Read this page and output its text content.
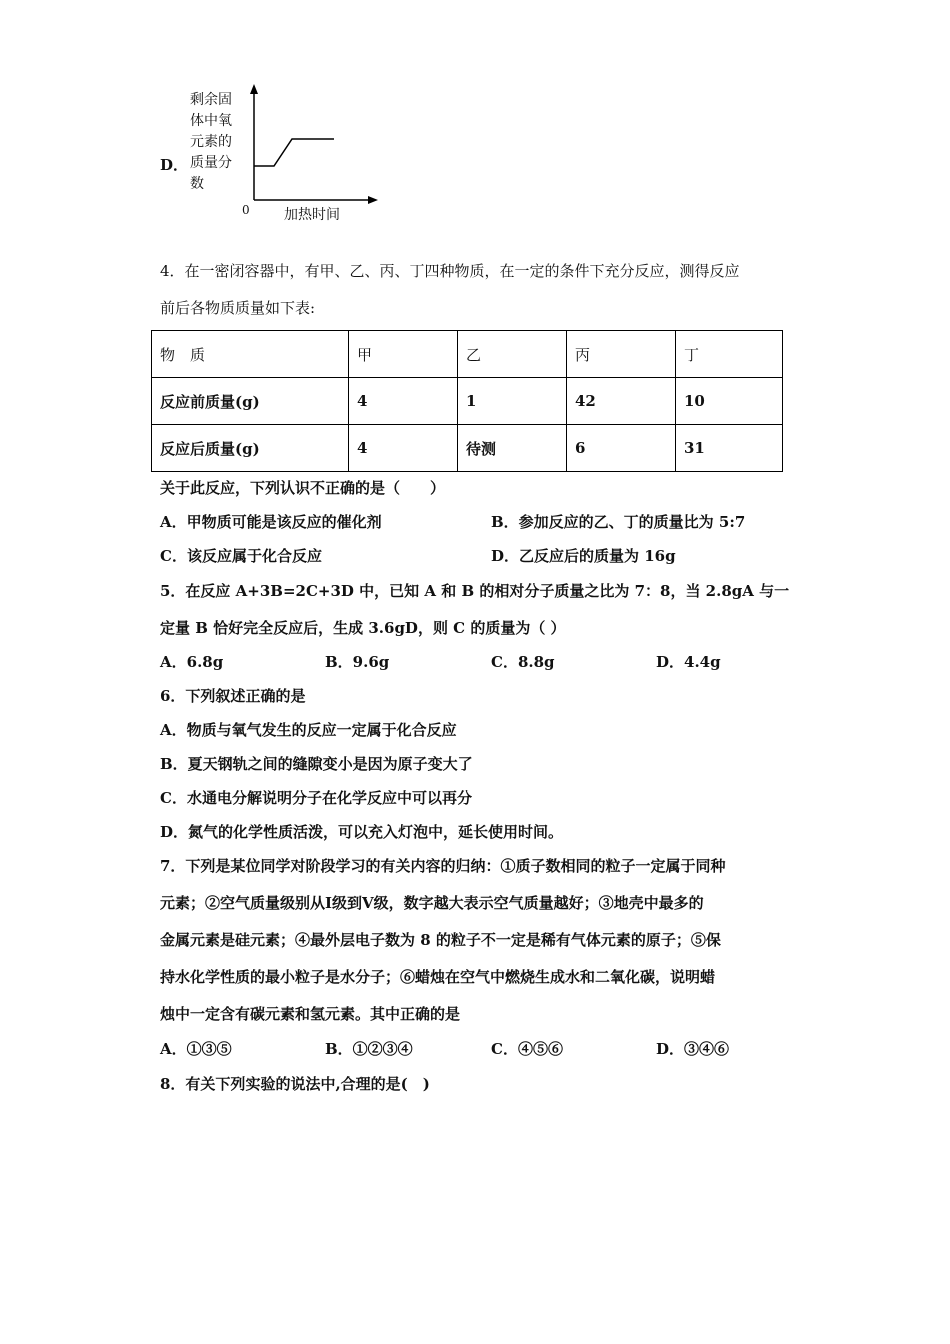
D．
剩余固
体中氧
元素的
质量分
数
0 加热时间
4．在一密闭容器中，有甲、乙、丙、丁四种物质，在一定的条件下充分反应，测得反应
前后各物质质量如下表:
物　质	甲	乙	丙	丁
反应前质量(g)	4	1	42	10
反应后质量(g)	4	待测	6	31
关于此反应，下列认识不正确的是（　　）
A．甲物质可能是该反应的催化剂	B．参加反应的乙、丁的质量比为 5:7
C．该反应属于化合反应	D．乙反应后的质量为 16g
5．在反应 A+3B=2C+3D 中，已知 A 和 B 的相对分子质量之比为 7：8，当 2.8gA 与一
定量 B 恰好完全反应后，生成 3.6gD，则 C 的质量为（ ）
A．6.8g	B．9.6g	C．8.8g	D．4.4g
6．下列叙述正确的是
A．物质与氧气发生的反应一定属于化合反应
B．夏天钢轨之间的缝隙变小是因为原子变大了
C．水通电分解说明分子在化学反应中可以再分
D．氮气的化学性质活泼，可以充入灯泡中，延长使用时间。
7．下列是某位同学对阶段学习的有关内容的归纳：①质子数相同的粒子一定属于同种
元素；②空气质量级别从Ⅰ级到Ⅴ级，数字越大表示空气质量越好；③地壳中最多的
金属元素是硅元素；④最外层电子数为 8 的粒子不一定是稀有气体元素的原子；⑤保
持水化学性质的最小粒子是水分子；⑥蜡烛在空气中燃烧生成水和二氧化碳，说明蜡
烛中一定含有碳元素和氢元素。其中正确的是
A．①③⑤	B．①②③④	C．④⑤⑥	D．③④⑥
8．有关下列实验的说法中,合理的是(　)
